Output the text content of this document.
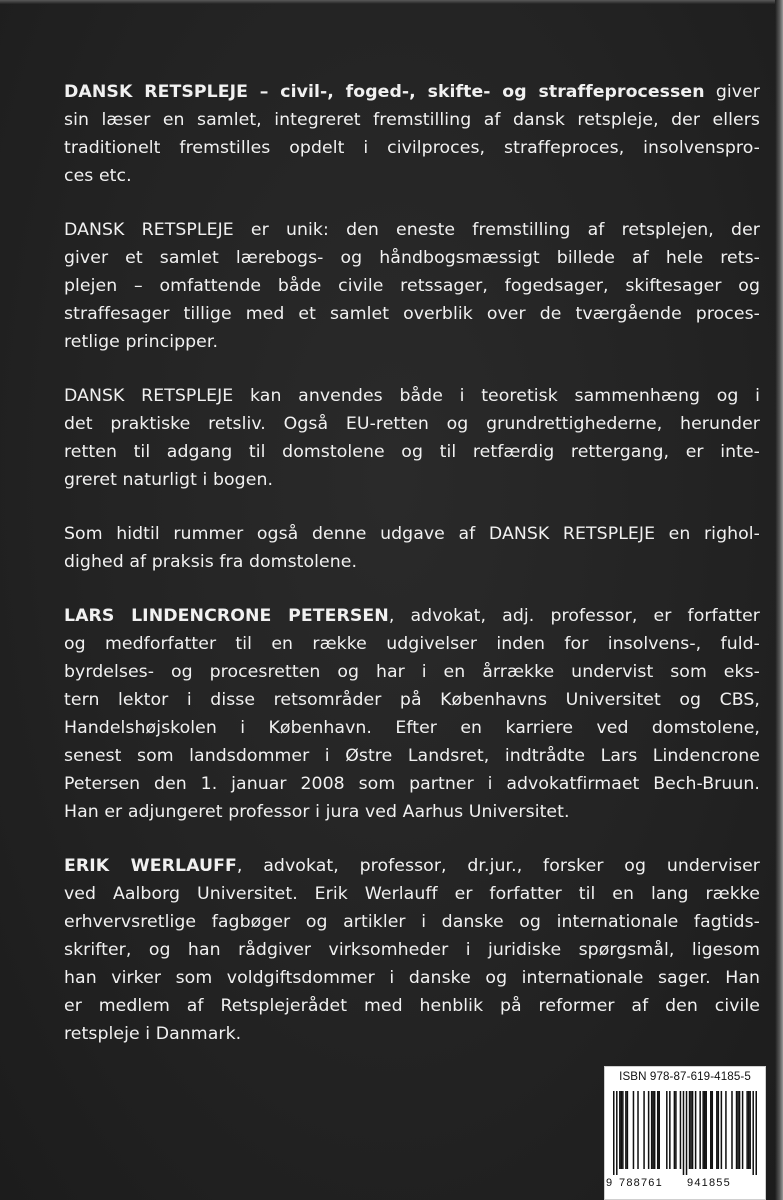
DANSK RETSPLEJE – civil-, foged-, skifte- og straffeprocessen giver
sin læser en samlet, integreret fremstilling af dansk retspleje, der ellers
traditionelt fremstilles opdelt i civilproces, straffeproces, insolvenspro-
ces etc.

DANSK RETSPLEJE er unik: den eneste fremstilling af retsplejen, der
giver et samlet lærebogs- og håndbogsmæssigt billede af hele rets-
plejen – omfattende både civile retssager, fogedsager, skiftesager og
straffesager tillige med et samlet overblik over de tværgående proces-
retlige principper.

DANSK RETSPLEJE kan anvendes både i teoretisk sammenhæng og i
det praktiske retsliv. Også EU-retten og grundrettighederne, herunder
retten til adgang til domstolene og til retfærdig rettergang, er inte-
greret naturligt i bogen.

Som hidtil rummer også denne udgave af DANSK RETSPLEJE en righol-
dighed af praksis fra domstolene.

LARS LINDENCRONE PETERSEN, advokat, adj. professor, er forfatter
og medforfatter til en række udgivelser inden for insolvens-, fuld-
byrdelses- og procesretten og har i en årrække undervist som eks-
tern lektor i disse retsområder på Københavns Universitet og CBS,
Handelshøjskolen i København. Efter en karriere ved domstolene,
senest som landsdommer i Østre Landsret, indtrådte Lars Lindencrone
Petersen den 1. januar 2008 som partner i advokatfirmaet Bech-Bruun.
Han er adjungeret professor i jura ved Aarhus Universitet.

ERIK WERLAUFF, advokat, professor, dr.jur., forsker og underviser
ved Aalborg Universitet. Erik Werlauff er forfatter til en lang række
erhvervsretlige fagbøger og artikler i danske og internationale fagtids-
skrifter, og han rådgiver virksomheder i juridiske spørgsmål, ligesom
han virker som voldgiftsdommer i danske og internationale sager. Han
er medlem af Retsplejerådet med henblik på reformer af den civile
retspleje i Danmark.

ISBN 978-87-619-4185-5
9 788761 941855
